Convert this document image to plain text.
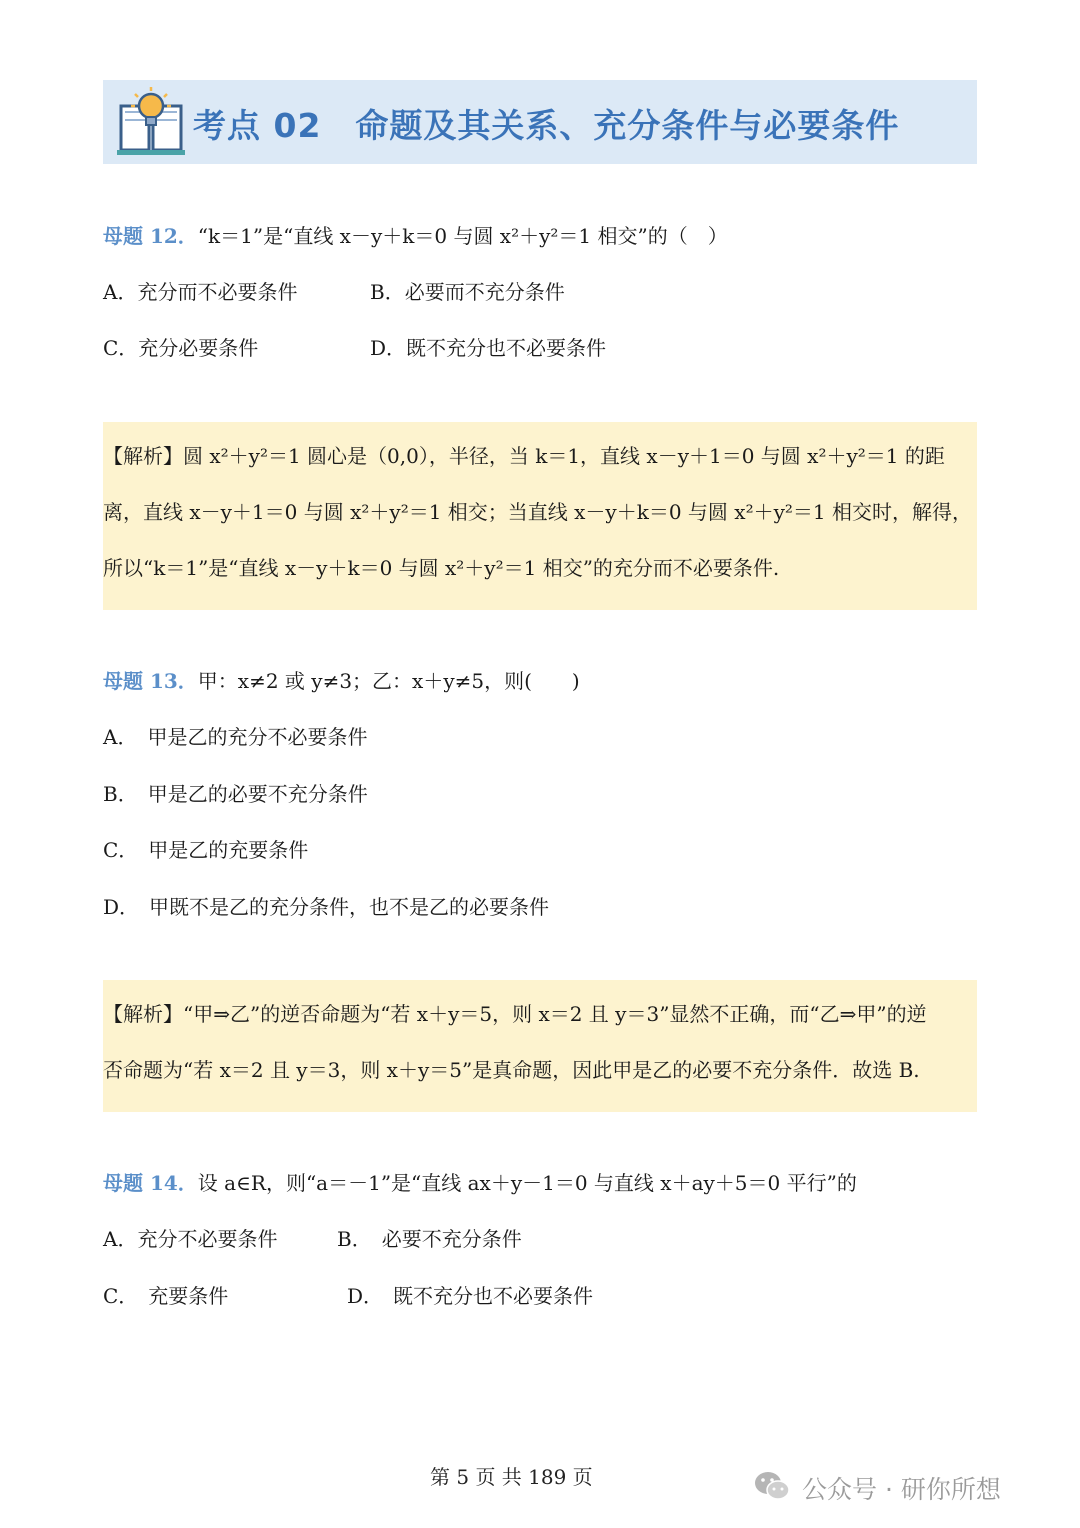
考点 02　命题及其关系、充分条件与必要条件
母题 12．“k＝1”是“直线 x－y＋k＝0 与圆 x²＋y²＝1 相交”的（　）
A．充分而不必要条件	B．必要而不充分条件
C．充分必要条件	D．既不充分也不必要条件
【解析】圆 x²＋y²＝1 圆心是（0,0），半径，当 k＝1，直线 x－y＋1＝0 与圆 x²＋y²＝1 的距
离，直线 x－y＋1＝0 与圆 x²＋y²＝1 相交；当直线 x－y＋k＝0 与圆 x²＋y²＝1 相交时，解得，
所以“k＝1”是“直线 x－y＋k＝0 与圆 x²＋y²＝1 相交”的充分而不必要条件.
母题 13．甲：x≠2 或 y≠3；乙：x＋y≠5，则(　　)
A．　甲是乙的充分不必要条件
B．　甲是乙的必要不充分条件
C．　甲是乙的充要条件
D．　甲既不是乙的充分条件，也不是乙的必要条件
【解析】“甲⇒乙”的逆否命题为“若 x＋y＝5，则 x＝2 且 y＝3”显然不正确，而“乙⇒甲”的逆
否命题为“若 x＝2 且 y＝3，则 x＋y＝5”是真命题，因此甲是乙的必要不充分条件．故选 B.
母题 14．设 a∈R，则“a＝－1”是“直线 ax＋y－1＝0 与直线 x＋ay＋5＝0 平行”的
A．充分不必要条件	B．　必要不充分条件
C．　充要条件	D．　既不充分也不必要条件
第 5 页 共 189 页	公众号 · 研你所想
